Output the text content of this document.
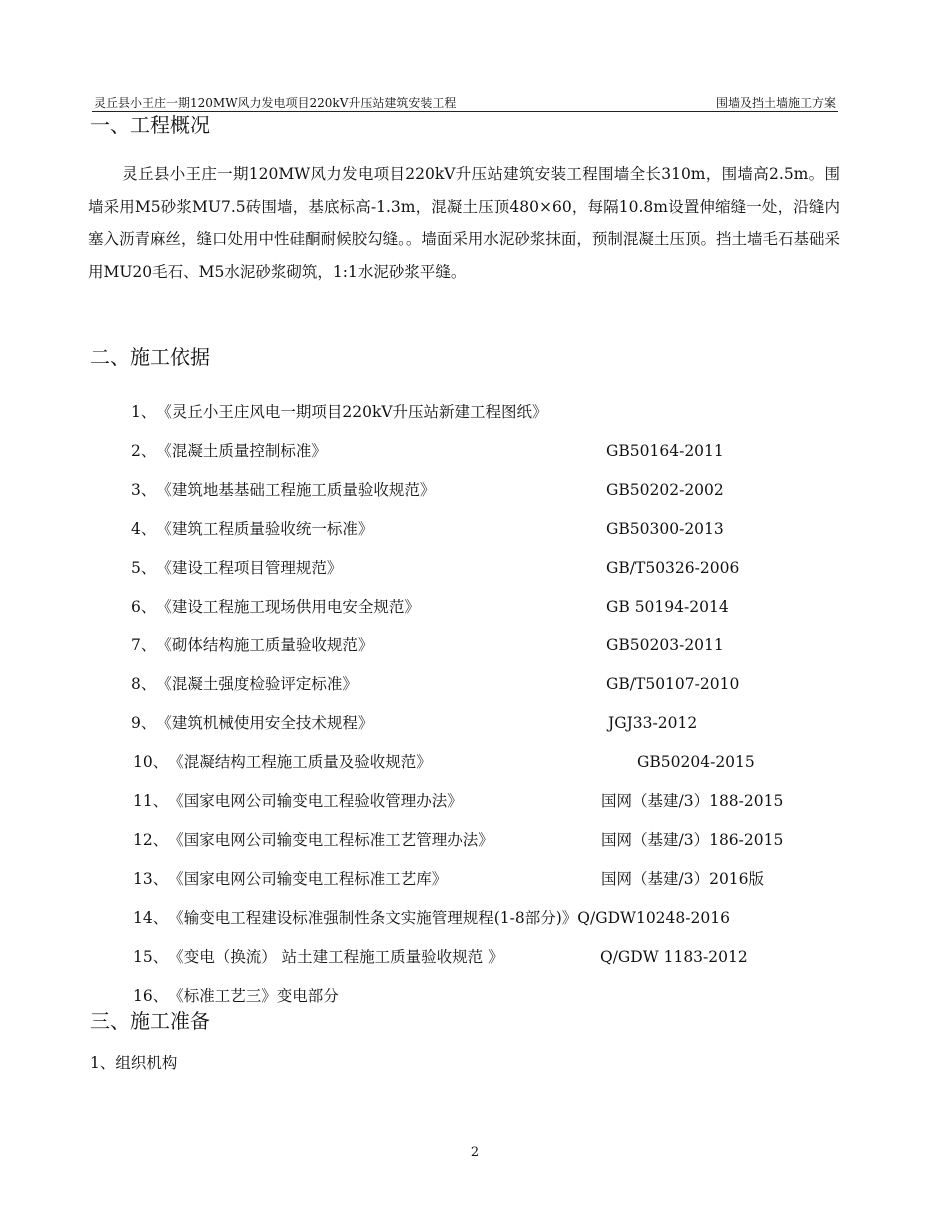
灵丘县小王庄一期120MW风力发电项目220kV升压站建筑安装工程	围墙及挡土墙施工方案
一、工程概况
灵丘县小王庄一期120MW风力发电项目220kV升压站建筑安装工程围墙全长310m，围墙高2.5m。围墙采用M5砂浆MU7.5砖围墙，基底标高-1.3m，混凝土压顶480×60，每隔10.8m设置伸缩缝一处，沿缝内塞入沥青麻丝，缝口处用中性硅酮耐候胶勾缝。。墙面采用水泥砂浆抹面，预制混凝土压顶。挡土墙毛石基础采用MU20毛石、M5水泥砂浆砌筑，1:1水泥砂浆平缝。
二、施工依据
1、《灵丘小王庄风电一期项目220kV升压站新建工程图纸》
2、《混凝土质量控制标准》	GB50164-2011
3、《建筑地基基础工程施工质量验收规范》	GB50202-2002
4、《建筑工程质量验收统一标准》	GB50300-2013
5、《建设工程项目管理规范》	GB/T50326-2006
6、《建设工程施工现场供用电安全规范》	GB 50194-2014
7、《砌体结构施工质量验收规范》	GB50203-2011
8、《混凝土强度检验评定标准》	GB/T50107-2010
9、《建筑机械使用安全技术规程》	JGJ33-2012
10、《混凝结构工程施工质量及验收规范》	GB50204-2015
11、《国家电网公司输变电工程验收管理办法》	国网（基建/3）188-2015
12、《国家电网公司输变电工程标准工艺管理办法》	国网（基建/3）186-2015
13、《国家电网公司输变电工程标准工艺库》	国网（基建/3）2016版
14、《输变电工程建设标准强制性条文实施管理规程(1-8部分)》Q/GDW10248-2016
15、《变电（换流） 站土建工程施工质量验收规范 》	Q/GDW 1183-2012
16、《标准工艺三》变电部分
三、施工准备
1、组织机构
2
